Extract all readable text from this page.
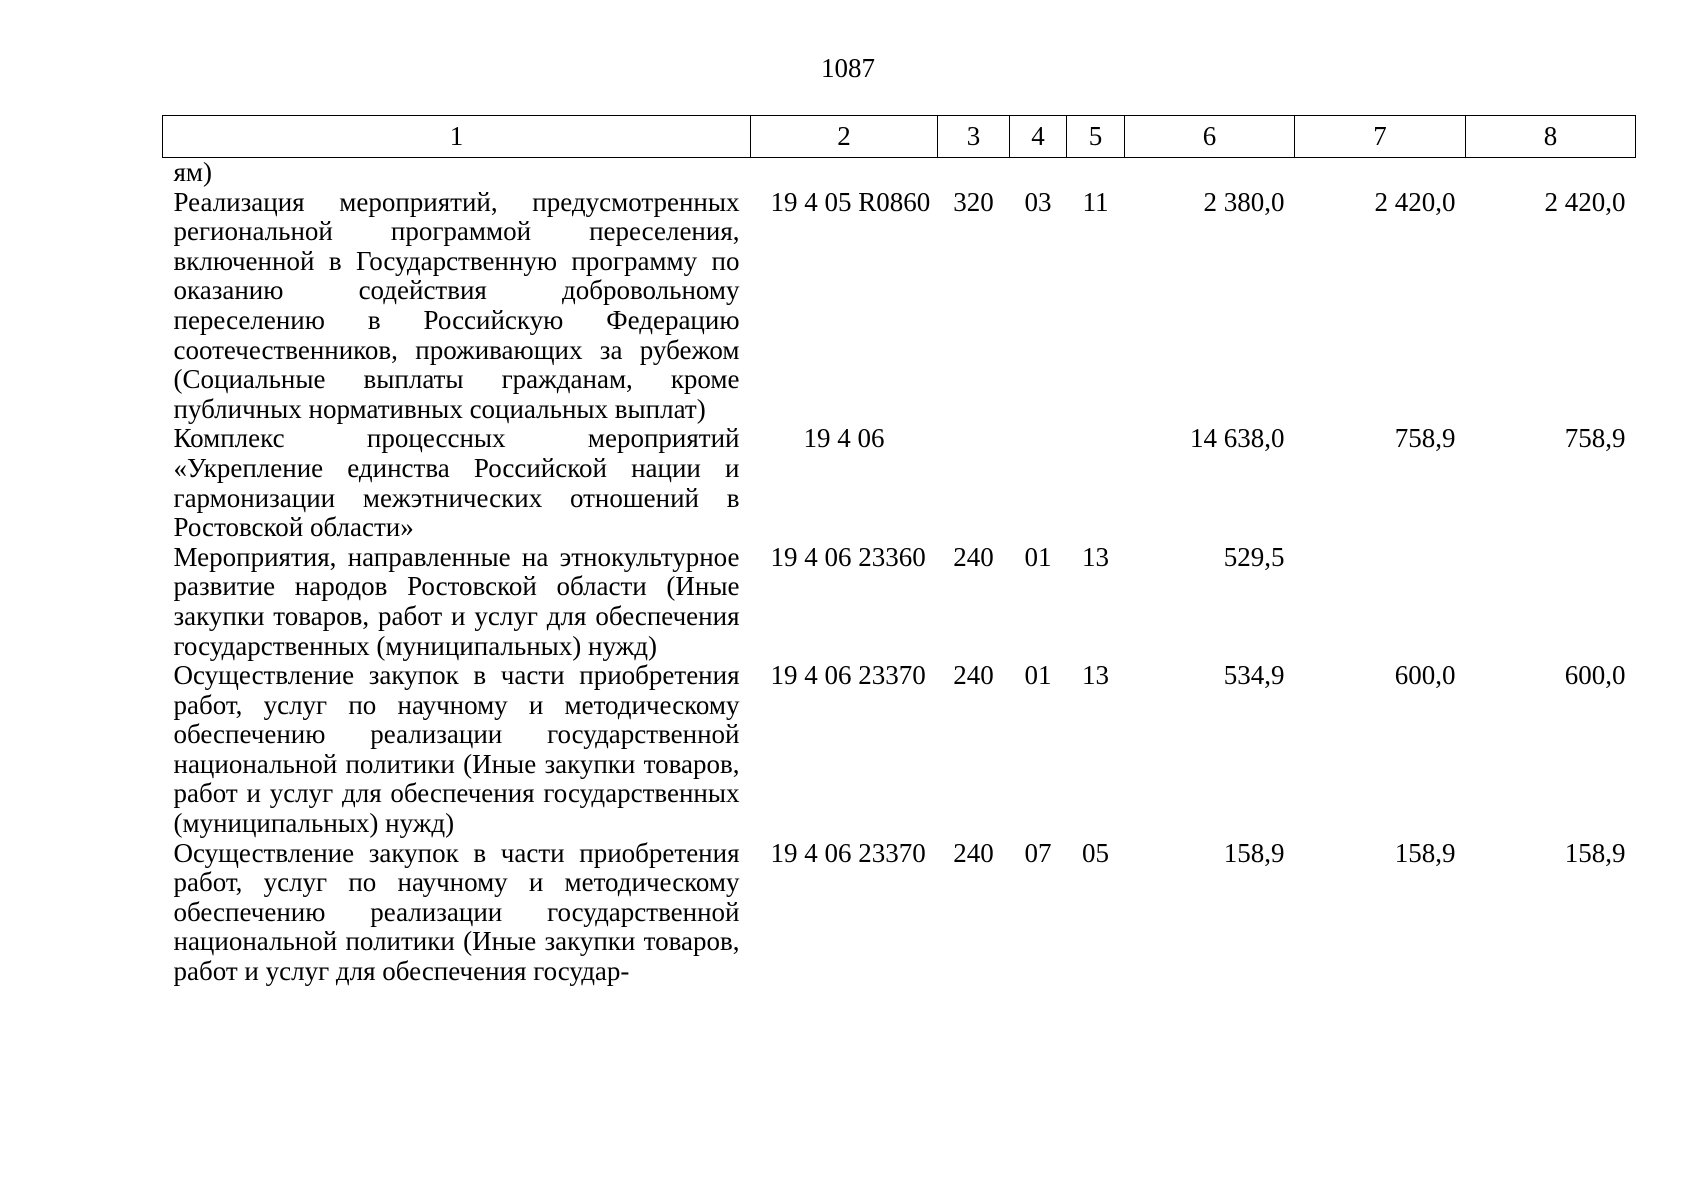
1087
1	2	3	4	5	6	7	8
ям)							
Реализация мероприятий, предусмотренных региональной программой переселения, включенной в Государственную программу по оказанию содействия добровольному переселению в Российскую Федерацию соотечественников, проживающих за рубежом (Социальные выплаты гражданам, кроме публичных нормативных социальных выплат)	19 4 05 R0860	320	03	11	2 380,0	2 420,0	2 420,0
Комплекс процессных мероприятий «Укрепление единства Российской нации и гармонизации межэтнических отношений в Ростовской области»	19 4 06				14 638,0	758,9	758,9
Мероприятия, направленные на этнокультурное развитие народов Ростовской области (Иные закупки товаров, работ и услуг для обеспечения государственных (муниципальных) нужд)	19 4 06 23360	240	01	13	529,5		
Осуществление закупок в части приобретения работ, услуг по научному и методическому обеспечению реализации государственной национальной политики (Иные закупки товаров, работ и услуг для обеспечения государственных (муниципальных) нужд)	19 4 06 23370	240	01	13	534,9	600,0	600,0
Осуществление закупок в части приобретения работ, услуг по научному и методическому обеспечению реализации государственной национальной политики (Иные закупки товаров, работ и услуг для обеспечения государ-	19 4 06 23370	240	07	05	158,9	158,9	158,9
